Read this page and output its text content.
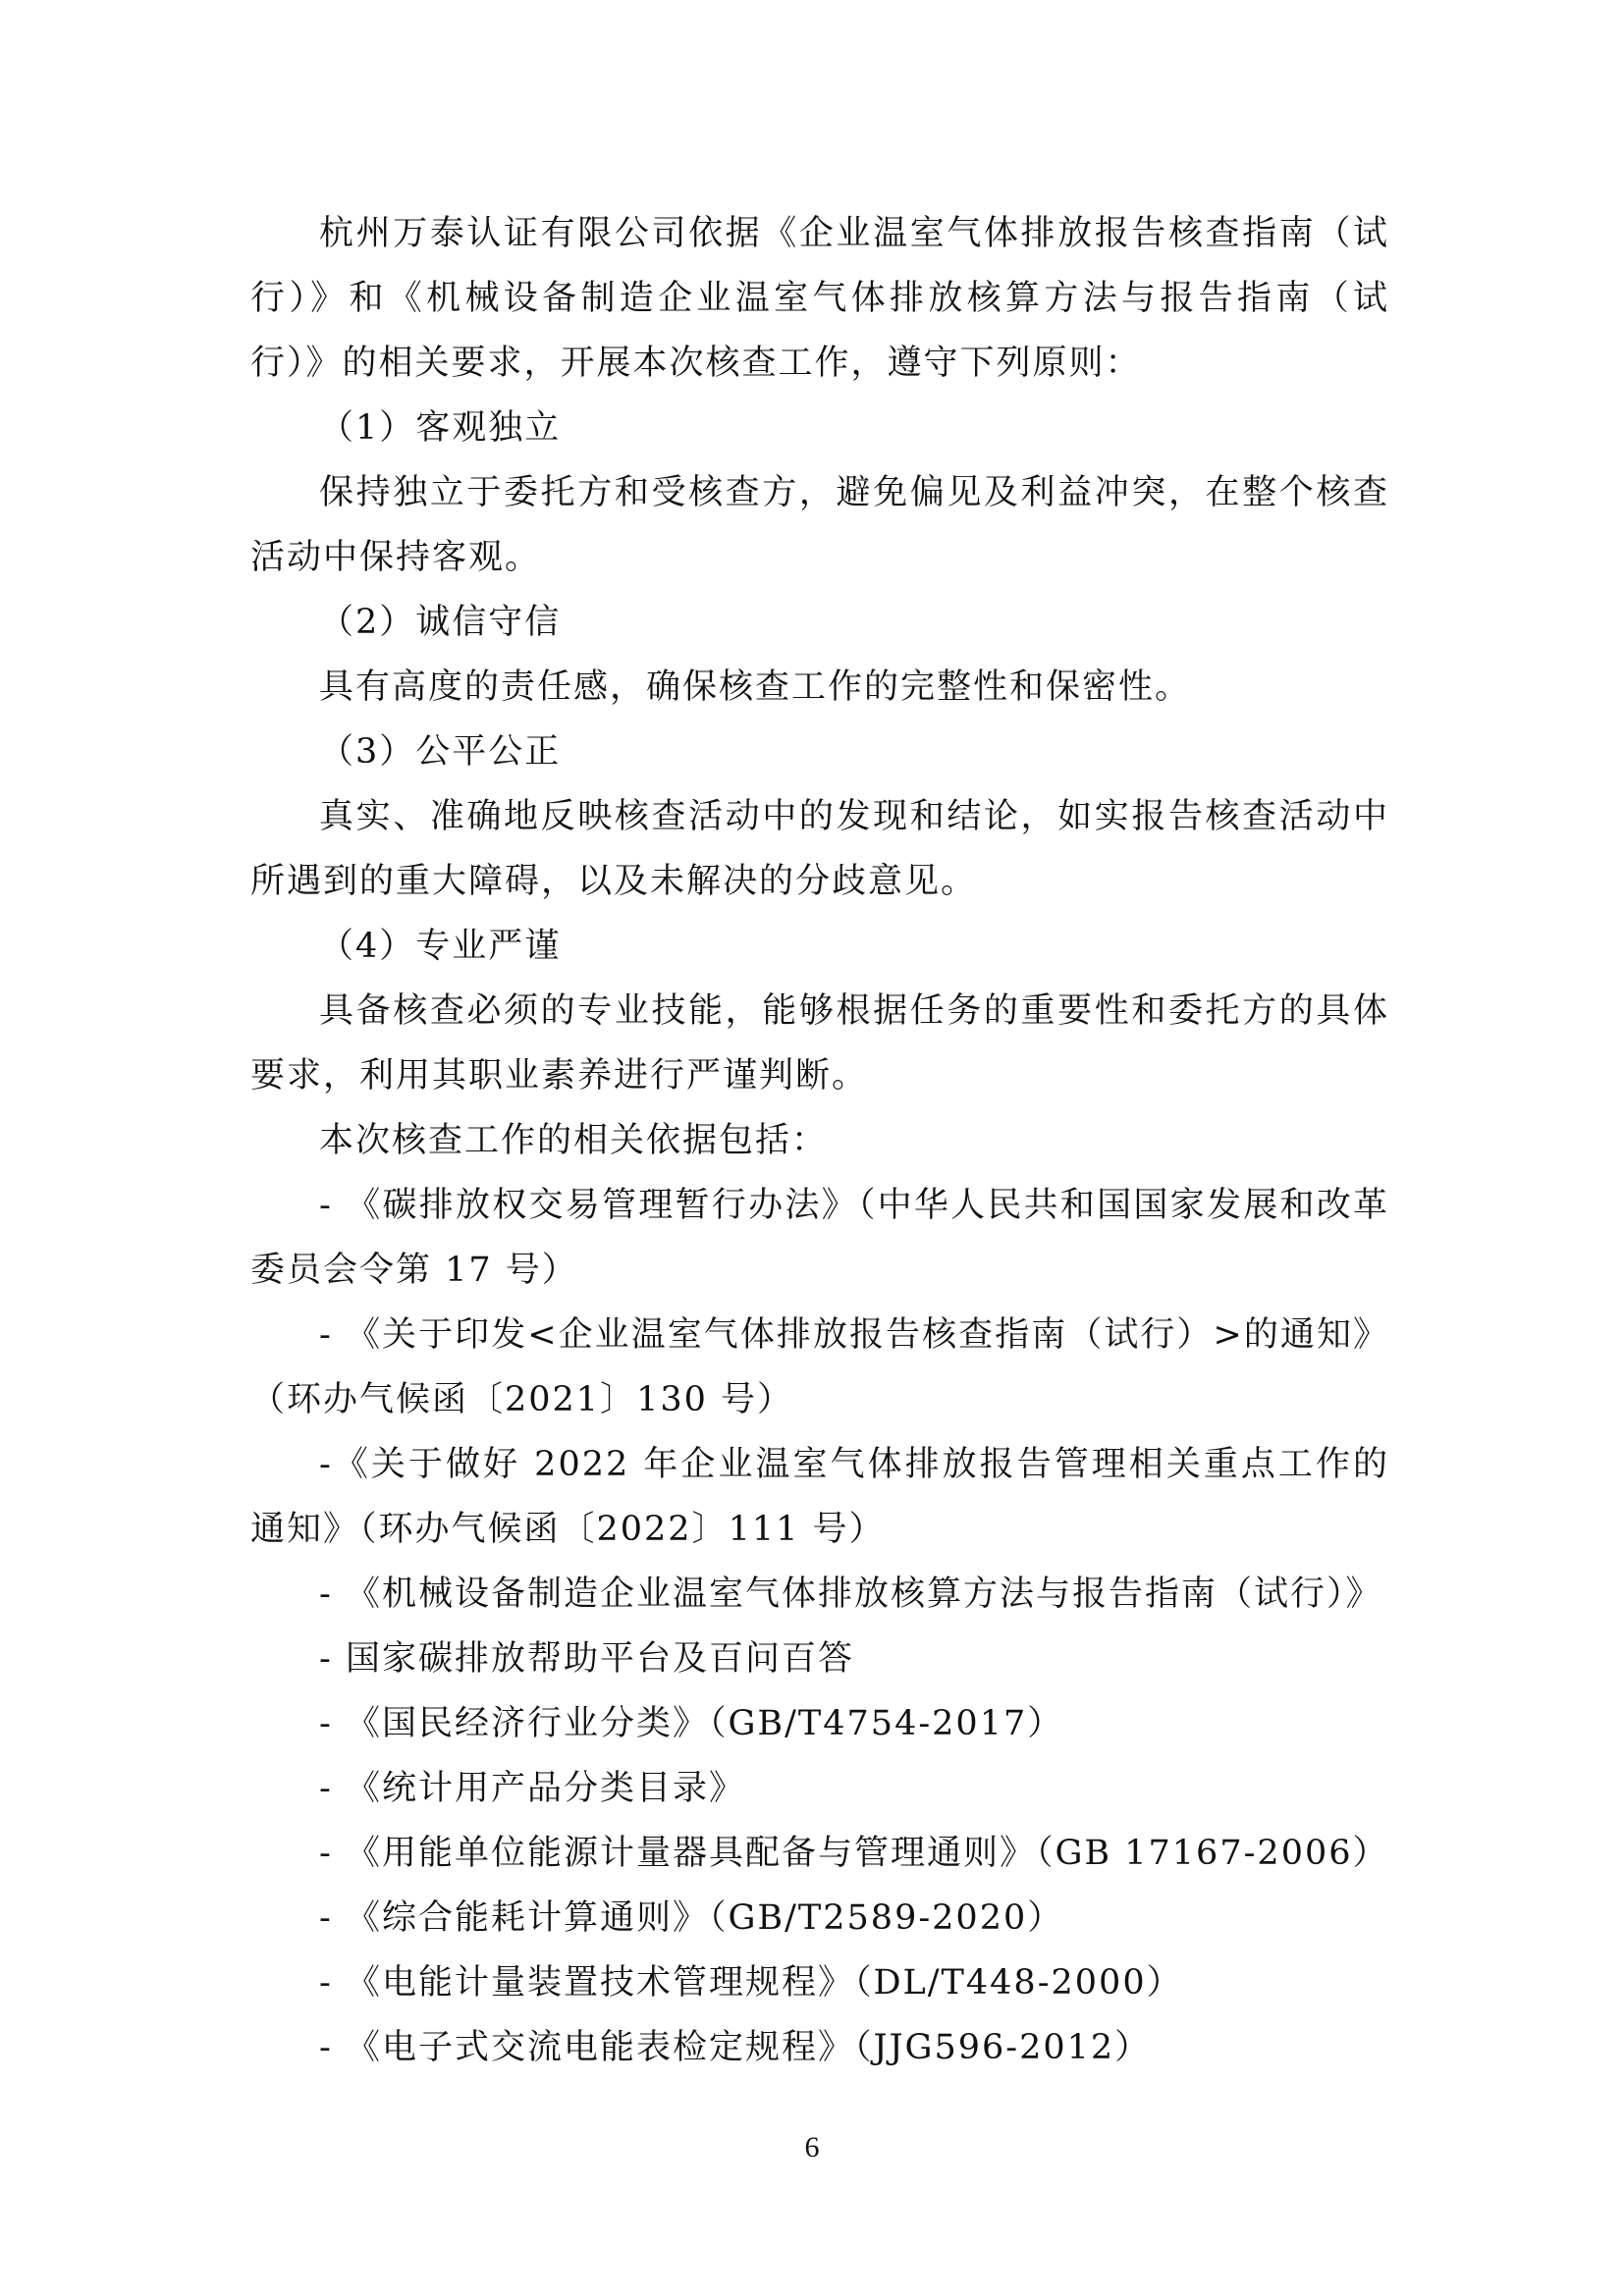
杭州万泰认证有限公司依据《企业温室气体排放报告核查指南（试行）》和《机械设备制造企业温室气体排放核算方法与报告指南（试行）》的相关要求，开展本次核查工作，遵守下列原则：

（1）客观独立

保持独立于委托方和受核查方，避免偏见及利益冲突，在整个核查活动中保持客观。

（2）诚信守信

具有高度的责任感，确保核查工作的完整性和保密性。

（3）公平公正

真实、准确地反映核查活动中的发现和结论，如实报告核查活动中所遇到的重大障碍，以及未解决的分歧意见。

（4）专业严谨

具备核查必须的专业技能，能够根据任务的重要性和委托方的具体要求，利用其职业素养进行严谨判断。

本次核查工作的相关依据包括：

- 《碳排放权交易管理暂行办法》（中华人民共和国国家发展和改革委员会令第 17 号）

- 《关于印发<企业温室气体排放报告核查指南（试行）>的通知》（环办气候函〔2021〕130 号）

-《关于做好 2022 年企业温室气体排放报告管理相关重点工作的通知》（环办气候函〔2022〕111 号）

- 《机械设备制造企业温室气体排放核算方法与报告指南（试行）》

- 国家碳排放帮助平台及百问百答

- 《国民经济行业分类》（GB/T4754-2017）

- 《统计用产品分类目录》

- 《用能单位能源计量器具配备与管理通则》（GB 17167-2006）

- 《综合能耗计算通则》（GB/T2589-2020）

- 《电能计量装置技术管理规程》（DL/T448-2000）

- 《电子式交流电能表检定规程》（JJG596-2012）

6
